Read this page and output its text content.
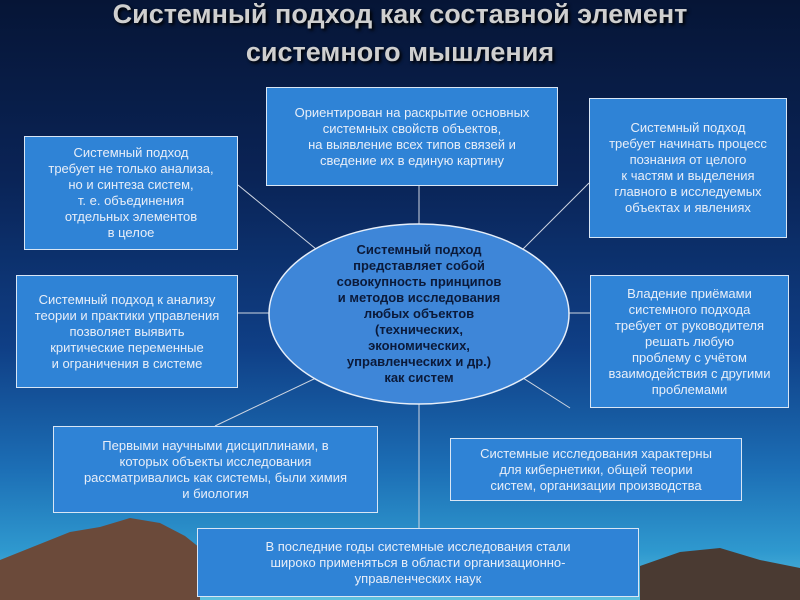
Системный подход как составной элемент
системного мышления
Системный подход
представляет собой
совокупность принципов
и методов исследования
любых объектов
(технических,
экономических,
управленческих и др.)
как систем
Ориентирован на раскрытие основных
системных свойств объектов,
на выявление всех типов связей и
сведение их в единую картину
Системный подход
требует не только анализа,
но и синтеза систем,
т. е. объединения
отдельных элементов
в целое
Системный подход
требует начинать процесс
познания от целого
к частям и выделения
главного в исследуемых
объектах и явлениях
Системный подход к анализу
теории и практики управления
позволяет выявить
критические переменные
и ограничения в системе
Владение приёмами
системного подхода
требует от руководителя
решать любую
проблему с учётом
взаимодействия с другими
проблемами
Первыми научными дисциплинами, в
которых объекты исследования
рассматривались как системы, были химия
и биология
Системные исследования характерны
для кибернетики, общей теории
систем, организации производства
В последние годы системные исследования стали
широко применяться в области организационно-
управленческих наук
